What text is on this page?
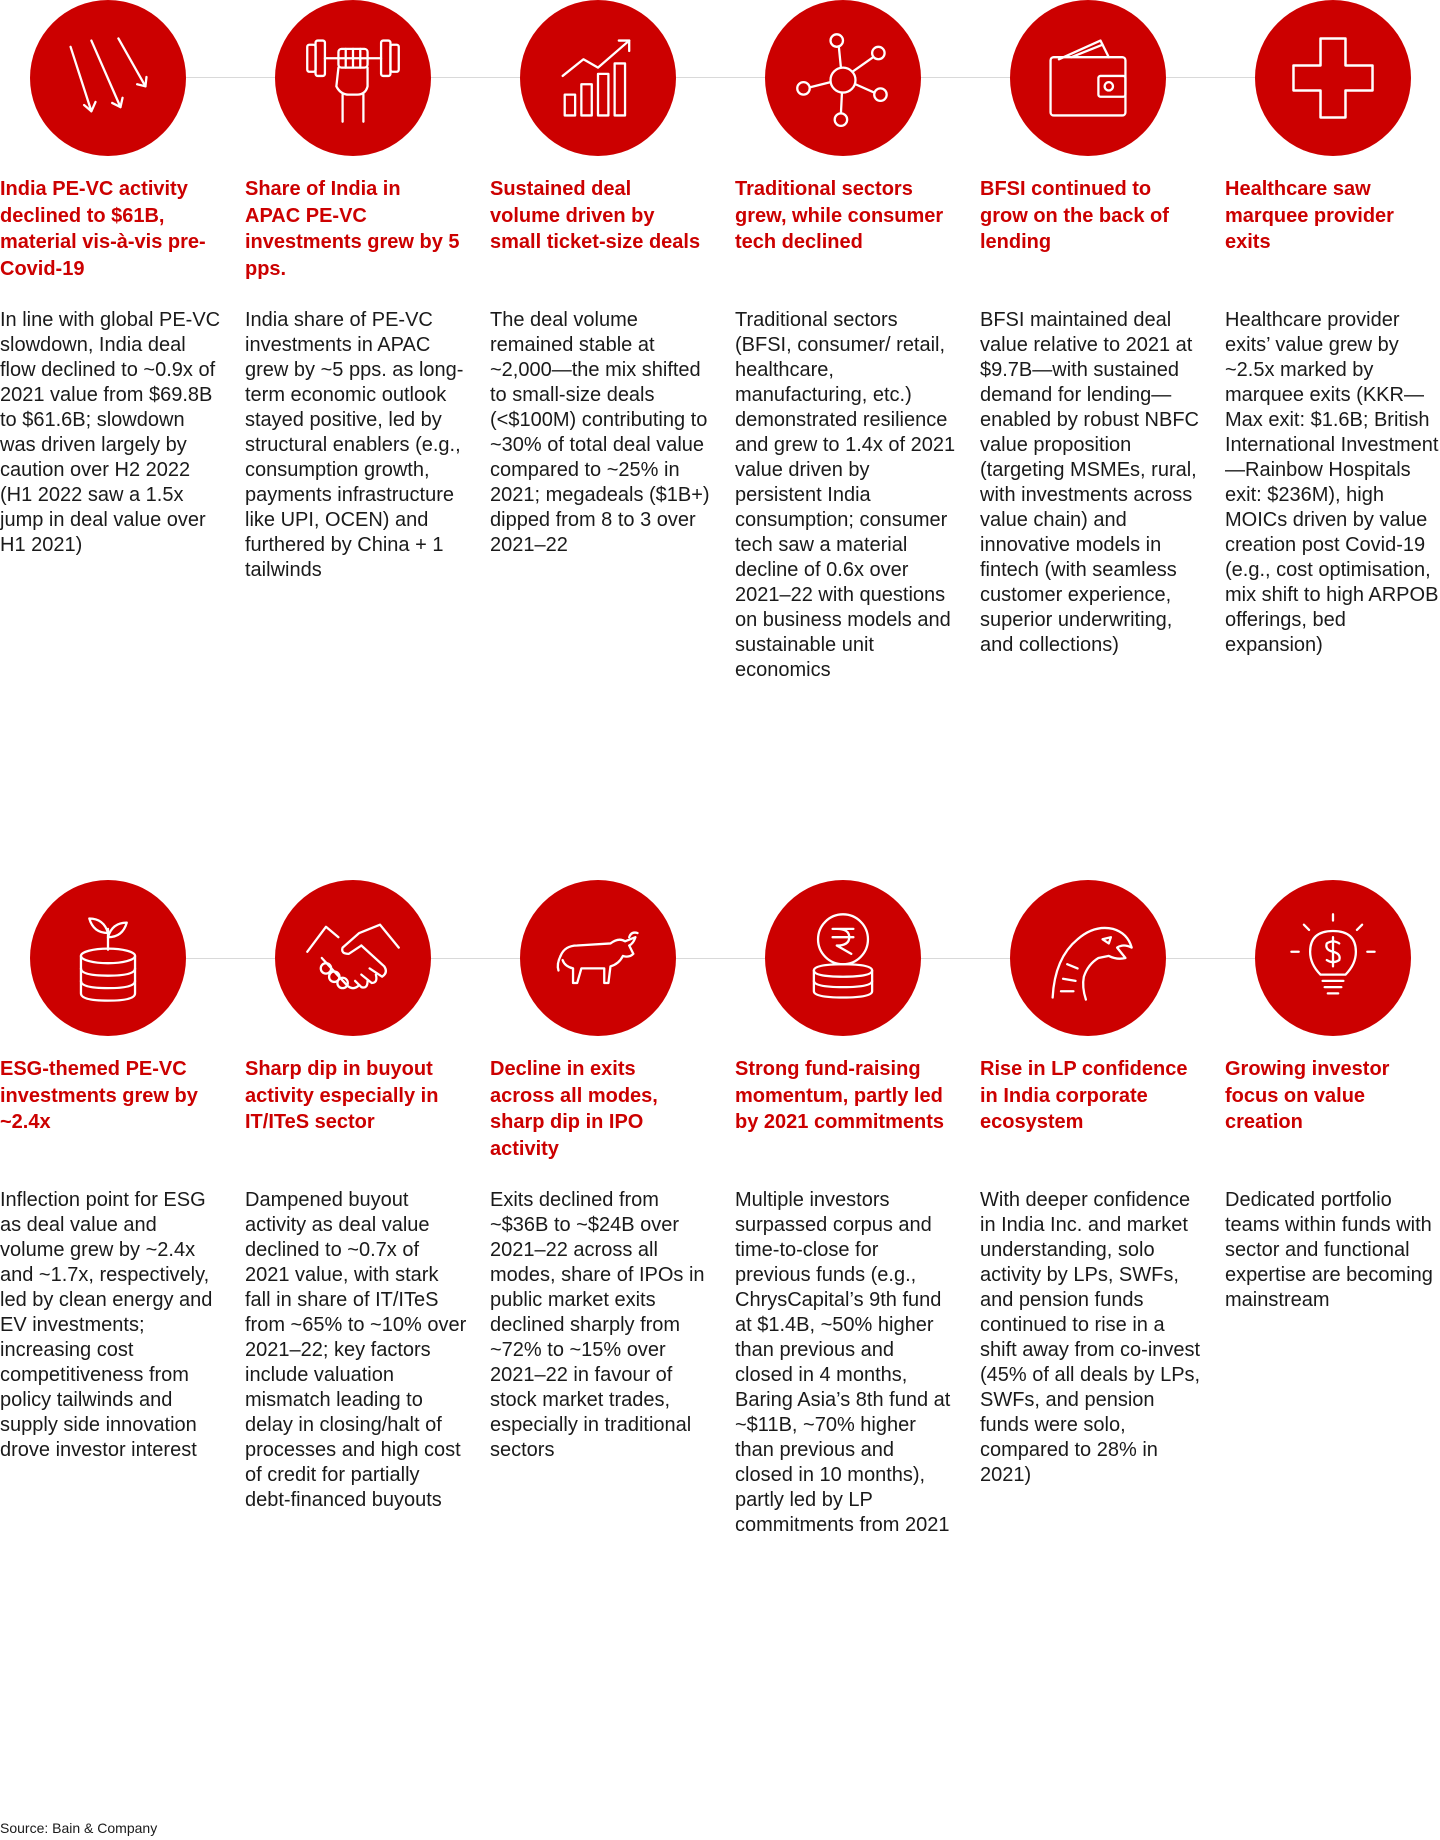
India PE-VC activity declined to $61B, material vis-à-vis pre-Covid-19

In line with global PE-VC slowdown, India deal flow declined to ~0.9x of 2021 value from $69.8B to $61.6B; slowdown was driven largely by caution over H2 2022 (H1 2022 saw a 1.5x jump in deal value over H1 2021)

Share of India in APAC PE-VC investments grew by 5 pps.

India share of PE-VC investments in APAC grew by ~5 pps. as long-term economic outlook stayed positive, led by structural enablers (e.g., consumption growth, payments infrastructure like UPI, OCEN) and furthered by China + 1 tailwinds

Sustained deal volume driven by small ticket-size deals

The deal volume remained stable at ~2,000—the mix shifted to small-size deals (<$100M) contributing to ~30% of total deal value compared to ~25% in 2021; megadeals ($1B+) dipped from 8 to 3 over 2021–22

Traditional sectors grew, while consumer tech declined

Traditional sectors (BFSI, consumer/ retail, healthcare, manufacturing, etc.) demonstrated resilience and grew to 1.4x of 2021 value driven by persistent India consumption; consumer tech saw a material decline of 0.6x over 2021–22 with questions on business models and sustainable unit economics

BFSI continued to grow on the back of lending

BFSI maintained deal value relative to 2021 at $9.7B—with sustained demand for lending—enabled by robust NBFC value proposition (targeting MSMEs, rural, with investments across value chain) and innovative models in fintech (with seamless customer experience, superior underwriting, and collections)

Healthcare saw marquee provider exits

Healthcare provider exits’ value grew by ~2.5x marked by marquee exits (KKR—Max exit: $1.6B; British International Investment—Rainbow Hospitals exit: $236M), high MOICs driven by value creation post Covid-19 (e.g., cost optimisation, mix shift to high ARPOB offerings, bed expansion)

ESG-themed PE-VC investments grew by ~2.4x

Inflection point for ESG as deal value and volume grew by ~2.4x and ~1.7x, respectively, led by clean energy and EV investments; increasing cost competitiveness from policy tailwinds and supply side innovation drove investor interest

Sharp dip in buyout activity especially in IT/ITeS sector

Dampened buyout activity as deal value declined to ~0.7x of 2021 value, with stark fall in share of IT/ITeS from ~65% to ~10% over 2021–22; key factors include valuation mismatch leading to delay in closing/halt of processes and high cost of credit for partially debt-financed buyouts

Decline in exits across all modes, sharp dip in IPO activity

Exits declined from ~$36B to ~$24B over 2021–22 across all modes, share of IPOs in public market exits declined sharply from ~72% to ~15% over 2021–22 in favour of stock market trades, especially in traditional sectors

Strong fund-raising momentum, partly led by 2021 commitments

Multiple investors surpassed corpus and time-to-close for previous funds (e.g., ChrysCapital’s 9th fund at $1.4B, ~50% higher than previous and closed in 4 months, Baring Asia’s 8th fund at ~$11B, ~70% higher than previous and closed in 10 months), partly led by LP commitments from 2021

Rise in LP confidence in India corporate ecosystem

With deeper confidence in India Inc. and market understanding, solo activity by LPs, SWFs, and pension funds continued to rise in a shift away from co-invest (45% of all deals by LPs, SWFs, and pension funds were solo, compared to 28% in 2021)

Growing investor focus on value creation

Dedicated portfolio teams within funds with sector and functional expertise are becoming mainstream

Source: Bain & Company
